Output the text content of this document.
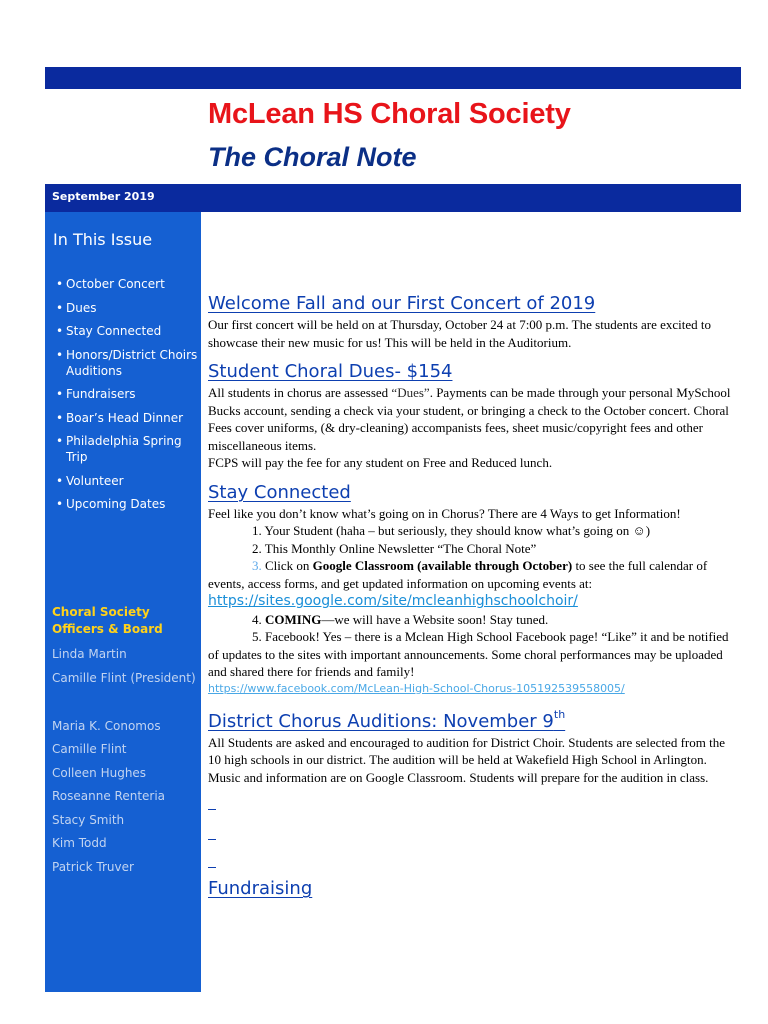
McLean HS Choral Society
The Choral Note
September 2019
In This Issue
• October Concert
• Dues
• Stay Connected
• Honors/District Choirs Auditions
• Fundraisers
• Boar’s Head Dinner
• Philadelphia Spring Trip
• Volunteer
• Upcoming Dates
Choral Society Officers & Board
Linda Martin
Camille Flint (President)
Maria K. Conomos
Camille Flint
Colleen Hughes
Roseanne Renteria
Stacy Smith
Kim Todd
Patrick Truver
Welcome Fall and our First Concert of 2019

Our first concert will be held on at Thursday, October 24 at 7:00 p.m. The students are excited to showcase their new music for us! This will be held in the Auditorium.

Student Choral Dues- $154

All students in chorus are assessed “Dues”. Payments can be made through your personal MySchool Bucks account, sending a check via your student, or bringing a check to the October concert. Choral Fees cover uniforms, (& dry-cleaning) accompanists fees, sheet music/copyright fees and other miscellaneous items.

FCPS will pay the fee for any student on Free and Reduced lunch.

Stay Connected

Feel like you don’t know what’s going on in Chorus? There are 4 Ways to get Information!

1. Your Student (haha – but seriously, they should know what’s going on ☺)
2. This Monthly Online Newsletter “The Choral Note”
3. Click on Google Classroom (available through October) to see the full calendar of events, access forms, and get updated information on upcoming events at: https://sites.google.com/site/mcleanhighschoolchoir/
4. COMING—we will have a Website soon! Stay tuned.
5. Facebook! Yes – there is a Mclean High School Facebook page! “Like” it and be notified of updates to the sites with important announcements. Some choral performances may be uploaded and shared there for friends and family!
https://www.facebook.com/McLean-High-School-Chorus-105192539558005/
District Chorus Auditions: November 9th

All Students are asked and encouraged to audition for District Choir. Students are selected from the 10 high schools in our district. The audition will be held at Wakefield High School in Arlington. Music and information are on Google Classroom. Students will prepare for the audition in class.

Fundraising
